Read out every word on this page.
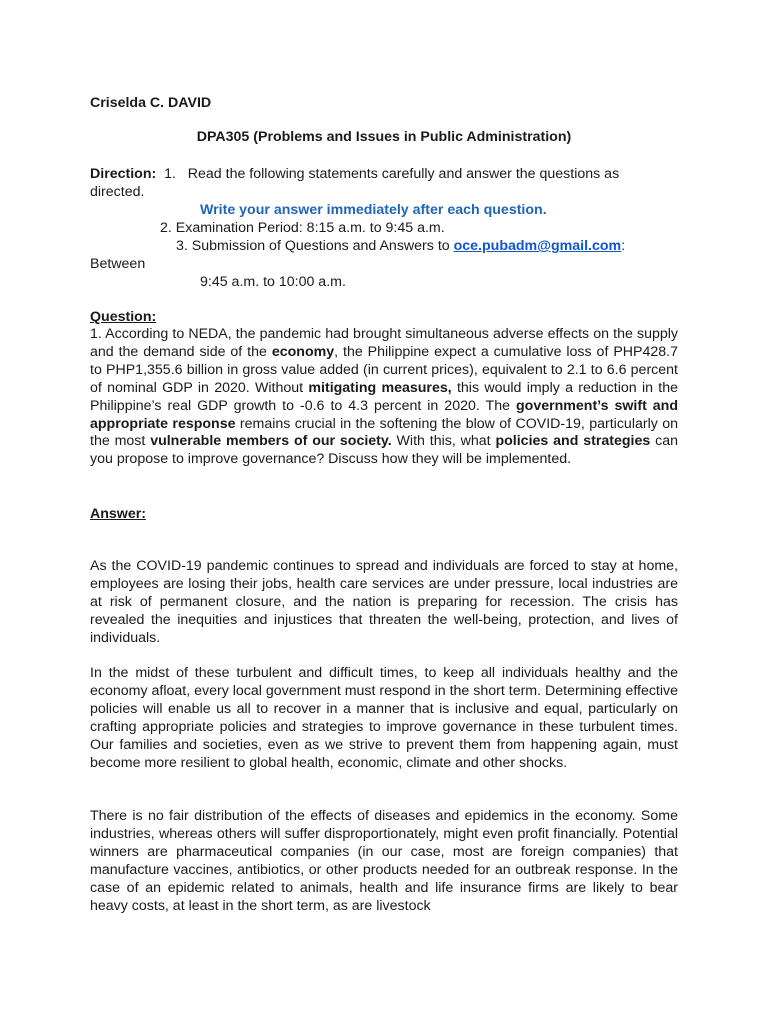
Criselda C. DAVID
DPA305 (Problems and Issues in Public Administration)
Direction: 1. Read the following statements carefully and answer the questions as
directed.
Write your answer immediately after each question.
2. Examination Period: 8:15 a.m. to 9:45 a.m.
3. Submission of Questions and Answers to oce.pubadm@gmail.com:
Between
9:45 a.m. to 10:00 a.m.
Question:

1. According to NEDA, the pandemic had brought simultaneous adverse effects on the supply and the demand side of the economy, the Philippine expect a cumulative loss of PHP428.7 to PHP1,355.6 billion in gross value added (in current prices), equivalent to 2.1 to 6.6 percent of nominal GDP in 2020. Without mitigating measures, this would imply a reduction in the Philippine’s real GDP growth to -0.6 to 4.3 percent in 2020. The government’s swift and appropriate response remains crucial in the softening the blow of COVID-19, particularly on the most vulnerable members of our society. With this, what policies and strategies can you propose to improve governance? Discuss how they will be implemented.

Answer:

As the COVID-19 pandemic continues to spread and individuals are forced to stay at home, employees are losing their jobs, health care services are under pressure, local industries are at risk of permanent closure, and the nation is preparing for recession. The crisis has revealed the inequities and injustices that threaten the well-being, protection, and lives of individuals.

In the midst of these turbulent and difficult times, to keep all individuals healthy and the economy afloat, every local government must respond in the short term. Determining effective policies will enable us all to recover in a manner that is inclusive and equal, particularly on crafting appropriate policies and strategies to improve governance in these turbulent times. Our families and societies, even as we strive to prevent them from happening again, must become more resilient to global health, economic, climate and other shocks.

There is no fair distribution of the effects of diseases and epidemics in the economy. Some industries, whereas others will suffer disproportionately, might even profit financially. Potential winners are pharmaceutical companies (in our case, most are foreign companies) that manufacture vaccines, antibiotics, or other products needed for an outbreak response. In the case of an epidemic related to animals, health and life insurance firms are likely to bear heavy costs, at least in the short term, as are livestock
